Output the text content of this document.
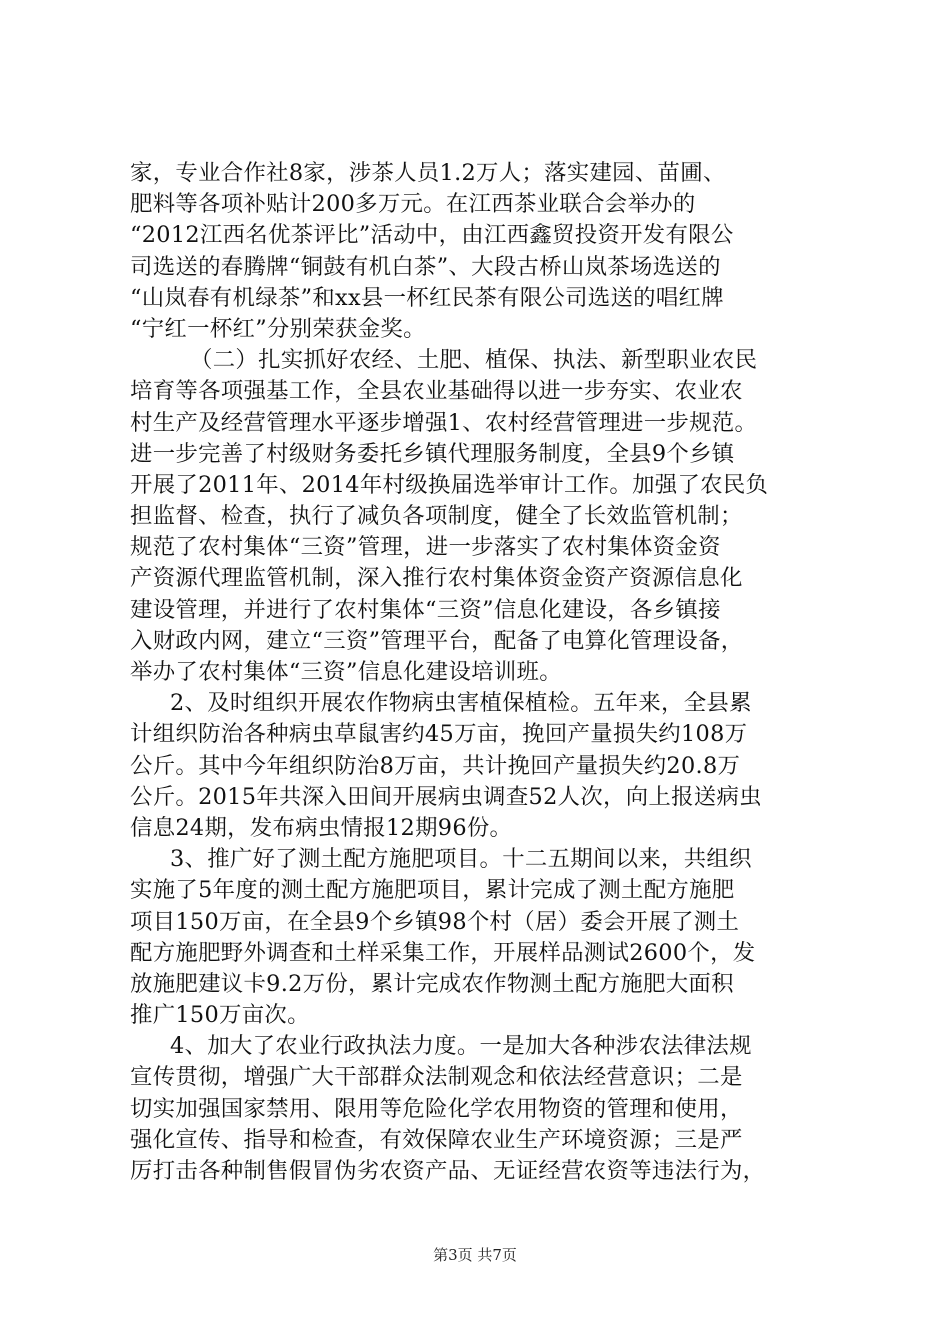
家，专业合作社8家，涉茶人员1.2万人；落实建园、苗圃、
肥料等各项补贴计200多万元。在江西茶业联合会举办的
“2012江西名优茶评比”活动中，由江西鑫贸投资开发有限公
司选送的春腾牌“铜鼓有机白茶”、大段古桥山岚茶场选送的
“山岚春有机绿茶”和xx县一杯红民茶有限公司选送的唱红牌
“宁红一杯红”分别荣获金奖。
（二）扎实抓好农经、土肥、植保、执法、新型职业农民
培育等各项强基工作，全县农业基础得以进一步夯实、农业农
村生产及经营管理水平逐步增强1、农村经营管理进一步规范。
进一步完善了村级财务委托乡镇代理服务制度，全县9个乡镇
开展了2011年、2014年村级换届选举审计工作。加强了农民负
担监督、检查，执行了减负各项制度，健全了长效监管机制；
规范了农村集体“三资”管理，进一步落实了农村集体资金资
产资源代理监管机制，深入推行农村集体资金资产资源信息化
建设管理，并进行了农村集体“三资”信息化建设，各乡镇接
入财政内网，建立“三资”管理平台，配备了电算化管理设备，
举办了农村集体“三资”信息化建设培训班。
2、及时组织开展农作物病虫害植保植检。五年来，全县累
计组织防治各种病虫草鼠害约45万亩，挽回产量损失约108万
公斤。其中今年组织防治8万亩，共计挽回产量损失约20.8万
公斤。2015年共深入田间开展病虫调查52人次，向上报送病虫
信息24期，发布病虫情报12期96份。
3、推广好了测土配方施肥项目。十二五期间以来，共组织
实施了5年度的测土配方施肥项目，累计完成了测土配方施肥
项目150万亩，在全县9个乡镇98个村（居）委会开展了测土
配方施肥野外调查和土样采集工作，开展样品测试2600个，发
放施肥建议卡9.2万份，累计完成农作物测土配方施肥大面积
推广150万亩次。
4、加大了农业行政执法力度。一是加大各种涉农法律法规
宣传贯彻，增强广大干部群众法制观念和依法经营意识；二是
切实加强国家禁用、限用等危险化学农用物资的管理和使用，
强化宣传、指导和检查，有效保障农业生产环境资源；三是严
厉打击各种制售假冒伪劣农资产品、无证经营农资等违法行为，
第3页 共7页
